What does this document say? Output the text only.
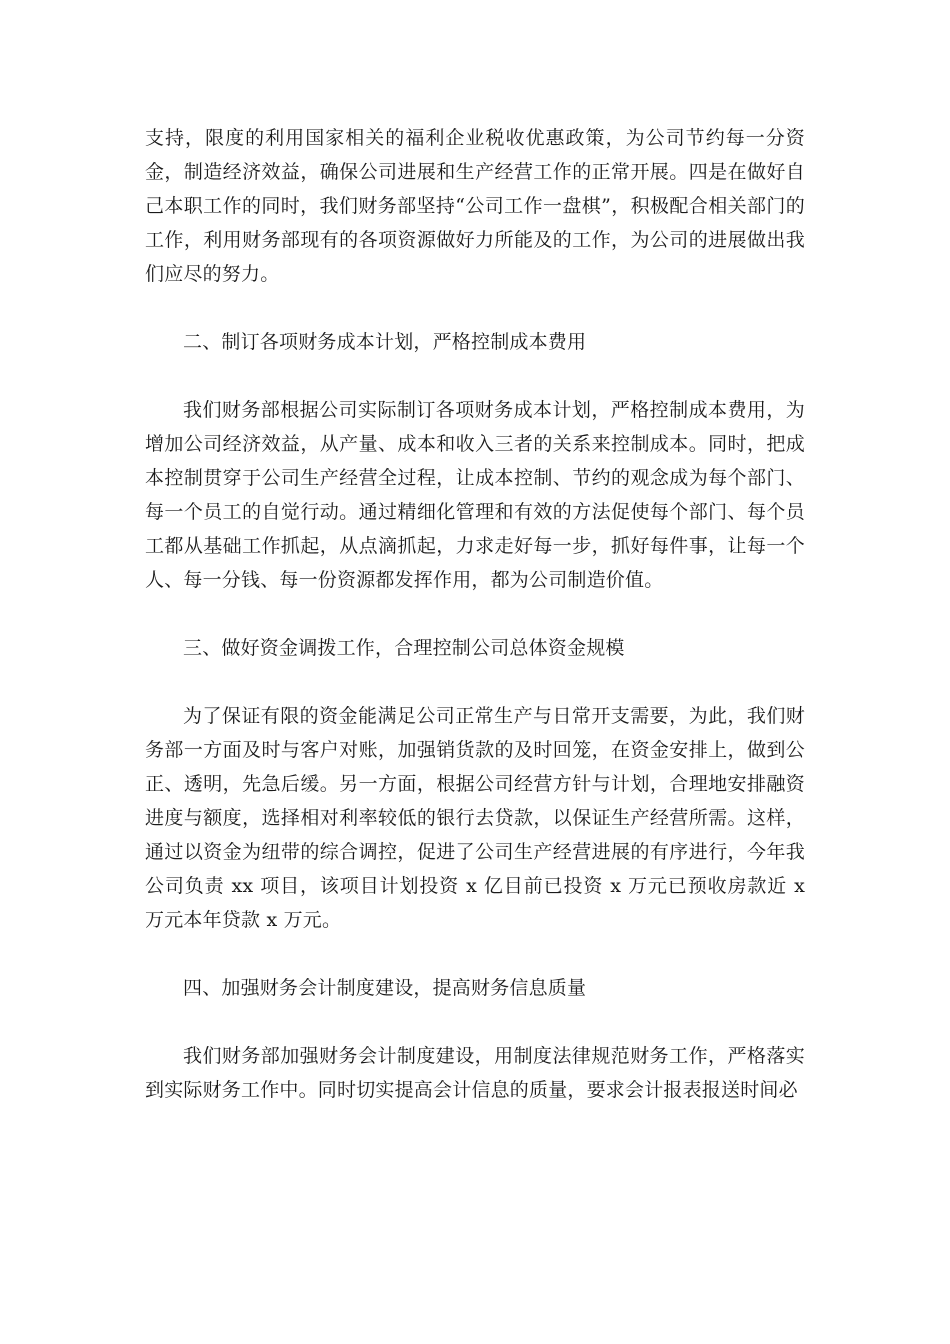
支持，限度的利用国家相关的福利企业税收优惠政策，为公司节约每一分资金，制造经济效益，确保公司进展和生产经营工作的正常开展。四是在做好自己本职工作的同时，我们财务部坚持“公司工作一盘棋”，积极配合相关部门的工作，利用财务部现有的各项资源做好力所能及的工作，为公司的进展做出我们应尽的努力。

二、制订各项财务成本计划，严格控制成本费用

我们财务部根据公司实际制订各项财务成本计划，严格控制成本费用，为增加公司经济效益，从产量、成本和收入三者的关系来控制成本。同时，把成本控制贯穿于公司生产经营全过程，让成本控制、节约的观念成为每个部门、每一个员工的自觉行动。通过精细化管理和有效的方法促使每个部门、每个员工都从基础工作抓起，从点滴抓起，力求走好每一步，抓好每件事，让每一个人、每一分钱、每一份资源都发挥作用，都为公司制造价值。

三、做好资金调拨工作，合理控制公司总体资金规模

为了保证有限的资金能满足公司正常生产与日常开支需要，为此，我们财务部一方面及时与客户对账，加强销货款的及时回笼，在资金安排上，做到公正、透明，先急后缓。另一方面，根据公司经营方针与计划，合理地安排融资进度与额度，选择相对利率较低的银行去贷款，以保证生产经营所需。这样，通过以资金为纽带的综合调控，促进了公司生产经营进展的有序进行，今年我公司负责 xx 项目，该项目计划投资 x 亿目前已投资 x 万元已预收房款近 x 万元本年贷款 x 万元。

四、加强财务会计制度建设，提高财务信息质量

我们财务部加强财务会计制度建设，用制度法律规范财务工作，严格落实到实际财务工作中。同时切实提高会计信息的质量，要求会计报表报送时间必
